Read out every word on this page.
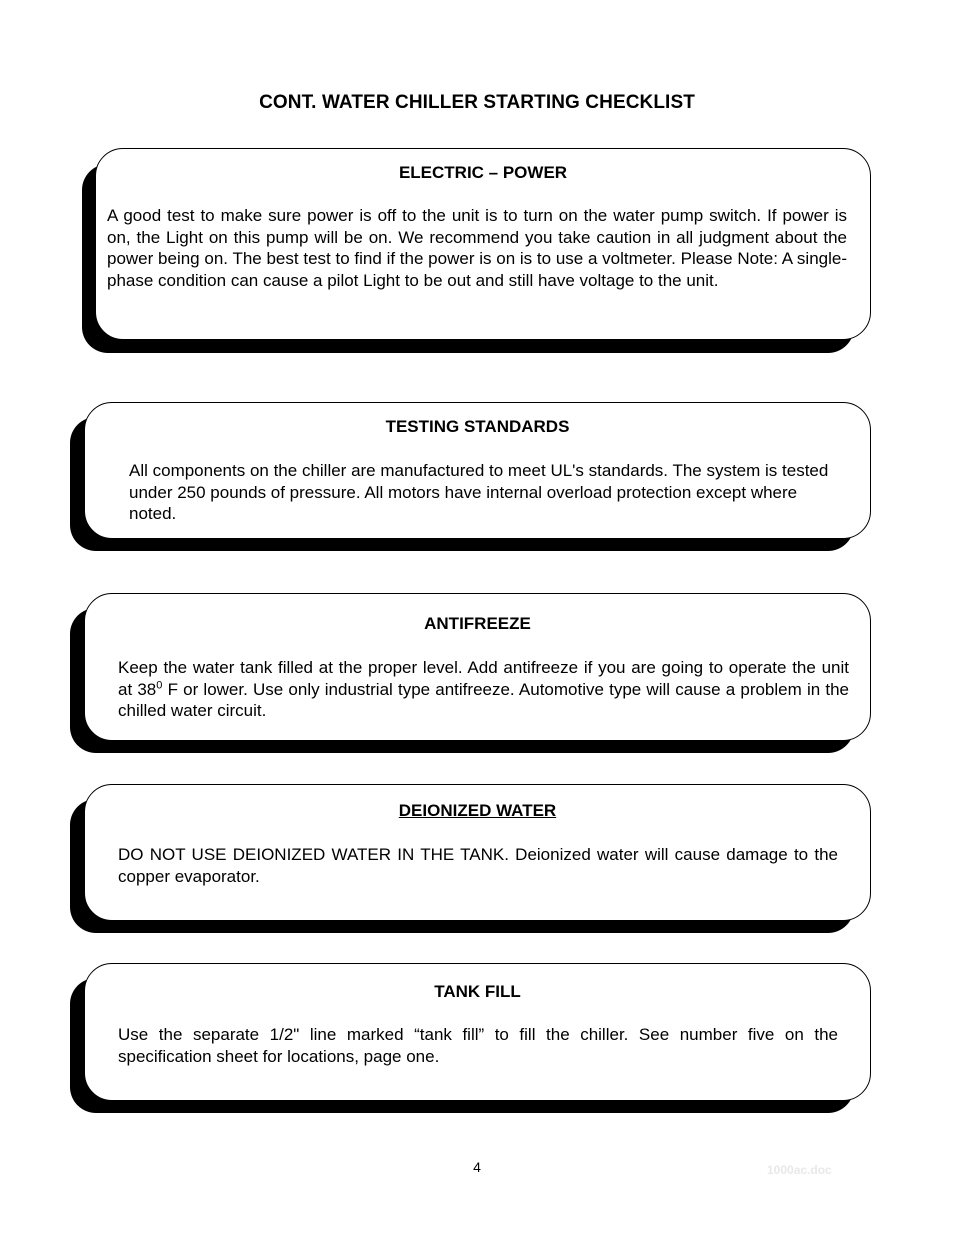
CONT. WATER CHILLER STARTING CHECKLIST
ELECTRIC – POWER
A good test to make sure power is off to the unit is to turn on the water pump switch. If power is on, the Light on this pump will be on. We recommend you take caution in all judgment about the power being on. The best test to find if the power is on is to use a voltmeter. Please Note: A single-phase condition can cause a pilot Light to be out and still have voltage to the unit.
TESTING STANDARDS
All components on the chiller are manufactured to meet UL's standards. The system is tested under 250 pounds of pressure. All motors have internal overload protection except where noted.
ANTIFREEZE
Keep the water tank filled at the proper level. Add antifreeze if you are going to operate the unit at $38^0$ F or lower. Use only industrial type antifreeze. Automotive type will cause a problem in the chilled water circuit.
DEIONIZED WATER
DO NOT USE DEIONIZED WATER IN THE TANK. Deionized water will cause damage to the copper evaporator.
TANK FILL
Use the separate 1/2" line marked “tank fill” to fill the chiller. See number five on the specification sheet for locations, page one.
4	1000ac.doc
